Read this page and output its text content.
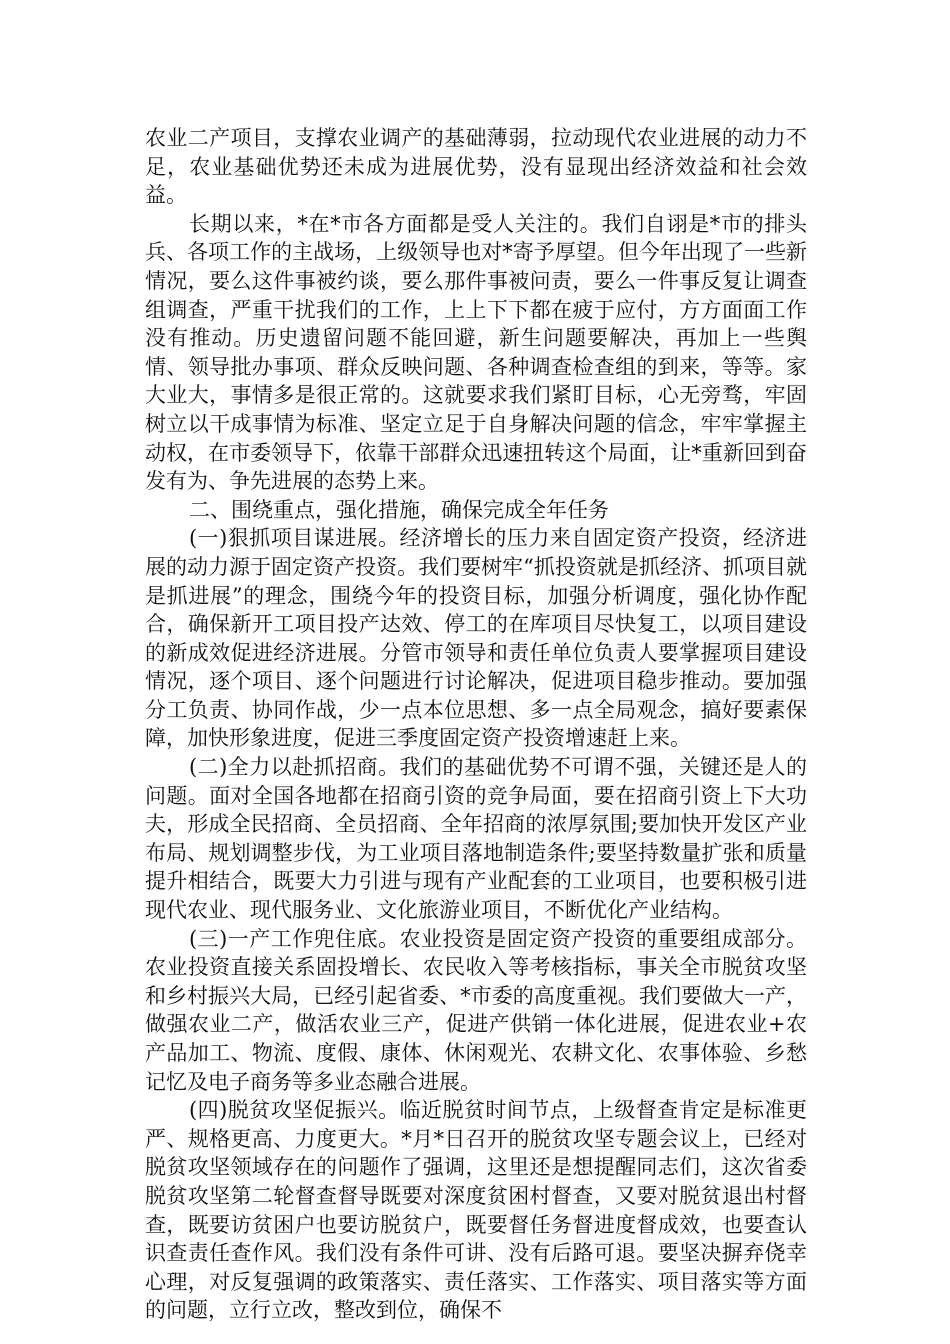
农业二产项目，支撑农业调产的基础薄弱，拉动现代农业进展的动力不足，农业基础优势还未成为进展优势，没有显现出经济效益和社会效益。

长期以来，*在*市各方面都是受人关注的。我们自诩是*市的排头兵、各项工作的主战场，上级领导也对*寄予厚望。但今年出现了一些新情况，要么这件事被约谈，要么那件事被问责，要么一件事反复让调查组调查，严重干扰我们的工作，上上下下都在疲于应付，方方面面工作没有推动。历史遗留问题不能回避，新生问题要解决，再加上一些舆情、领导批办事项、群众反映问题、各种调查检查组的到来，等等。家大业大，事情多是很正常的。这就要求我们紧盯目标，心无旁骛，牢固树立以干成事情为标准、坚定立足于自身解决问题的信念，牢牢掌握主动权，在市委领导下，依靠干部群众迅速扭转这个局面，让*重新回到奋发有为、争先进展的态势上来。

二、围绕重点，强化措施，确保完成全年任务

(一)狠抓项目谋进展。经济增长的压力来自固定资产投资，经济进展的动力源于固定资产投资。我们要树牢“抓投资就是抓经济、抓项目就是抓进展”的理念，围绕今年的投资目标，加强分析调度，强化协作配合，确保新开工项目投产达效、停工的在库项目尽快复工，以项目建设的新成效促进经济进展。分管市领导和责任单位负责人要掌握项目建设情况，逐个项目、逐个问题进行讨论解决，促进项目稳步推动。要加强分工负责、协同作战，少一点本位思想、多一点全局观念，搞好要素保障，加快形象进度，促进三季度固定资产投资增速赶上来。

(二)全力以赴抓招商。我们的基础优势不可谓不强，关键还是人的问题。面对全国各地都在招商引资的竞争局面，要在招商引资上下大功夫，形成全民招商、全员招商、全年招商的浓厚氛围;要加快开发区产业布局、规划调整步伐，为工业项目落地制造条件;要坚持数量扩张和质量提升相结合，既要大力引进与现有产业配套的工业项目，也要积极引进现代农业、现代服务业、文化旅游业项目，不断优化产业结构。

(三)一产工作兜住底。农业投资是固定资产投资的重要组成部分。农业投资直接关系固投增长、农民收入等考核指标，事关全市脱贫攻坚和乡村振兴大局，已经引起省委、*市委的高度重视。我们要做大一产，做强农业二产，做活农业三产，促进产供销一体化进展，促进农业+农产品加工、物流、度假、康体、休闲观光、农耕文化、农事体验、乡愁记忆及电子商务等多业态融合进展。

(四)脱贫攻坚促振兴。临近脱贫时间节点，上级督查肯定是标准更严、规格更高、力度更大。*月*日召开的脱贫攻坚专题会议上，已经对脱贫攻坚领域存在的问题作了强调，这里还是想提醒同志们，这次省委脱贫攻坚第二轮督查督导既要对深度贫困村督查，又要对脱贫退出村督查，既要访贫困户也要访脱贫户，既要督任务督进度督成效，也要查认识查责任查作风。我们没有条件可讲、没有后路可退。要坚决摒弃侥幸心理，对反复强调的政策落实、责任落实、工作落实、项目落实等方面的问题，立行立改，整改到位，确保不
